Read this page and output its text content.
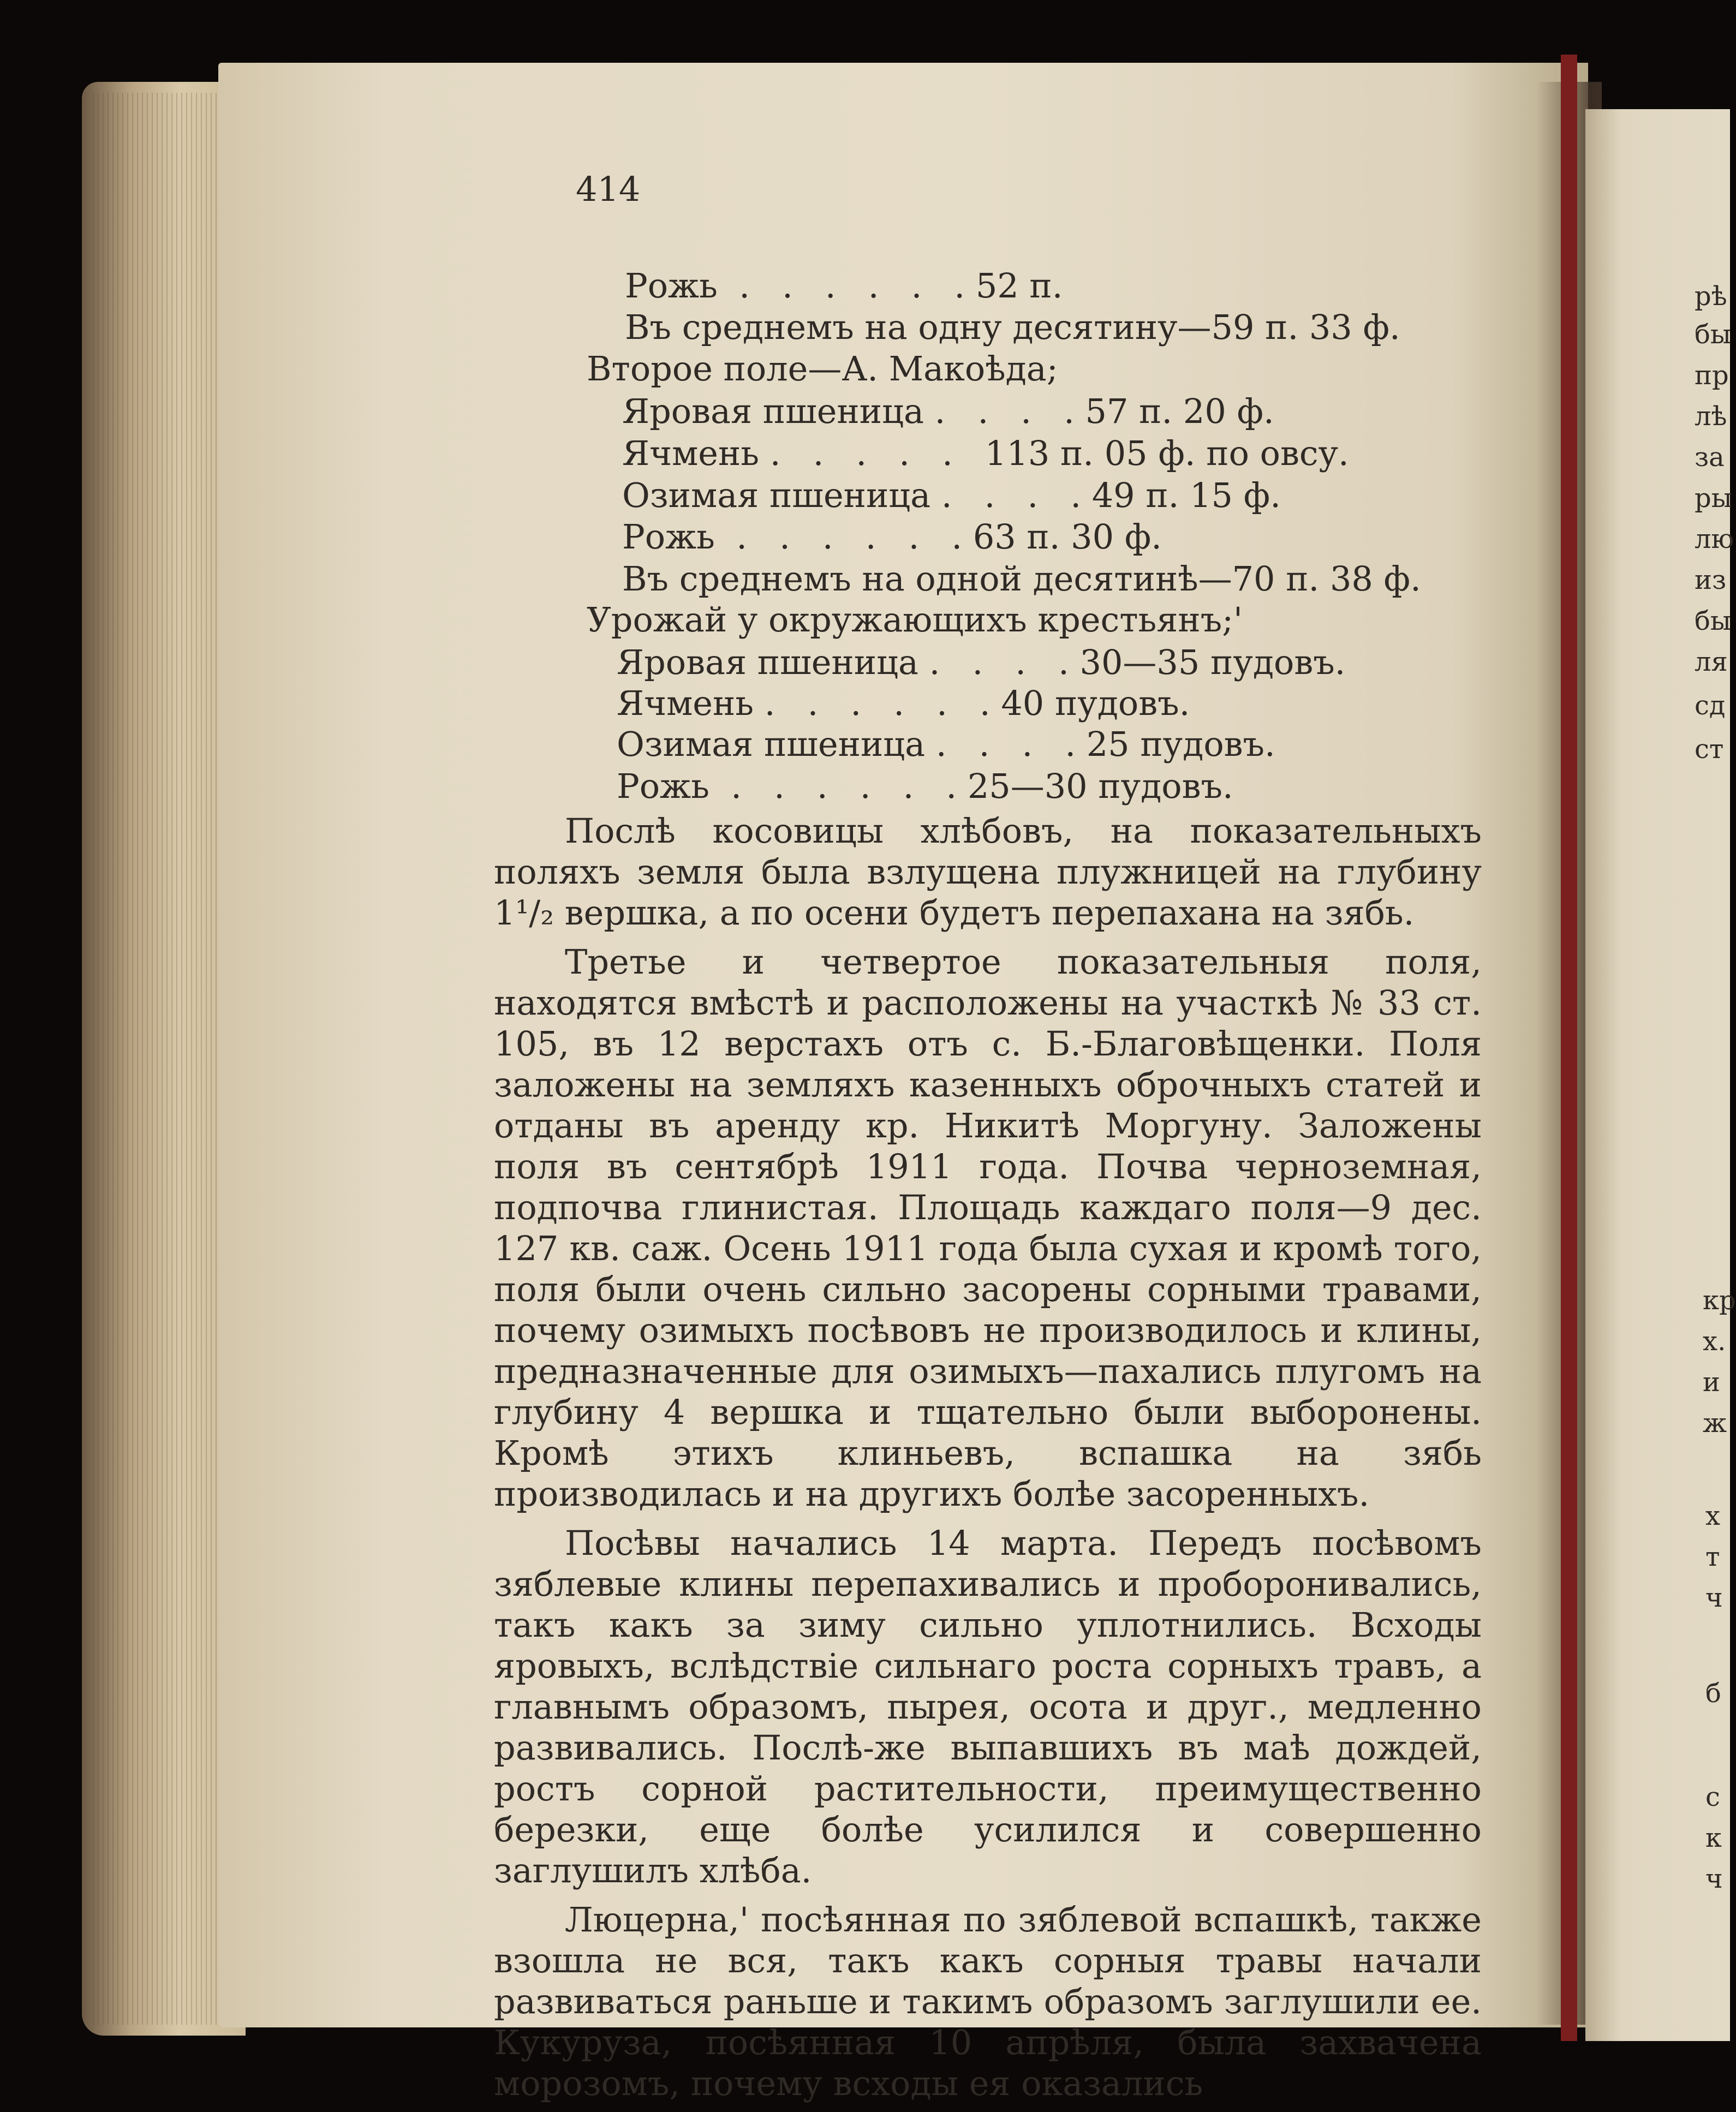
414
Рожь  .   .   .   .   .   . 52 п.
Въ среднемъ на одну десятину—59 п. 33 ф.
Второе поле—А. Макоѣда;
Яровая пшеница .   .   .   . 57 п. 20 ф.
Ячмень .   .   .   .   .   113 п. 05 ф. по овсу.
Озимая пшеница .   .   .   . 49 п. 15 ф.
Рожь  .   .   .   .   .   . 63 п. 30 ф.
Въ среднемъ на одной десятинѣ—70 п. 38 ф.
Урожай у окружающихъ крестьянъ;'
Яровая пшеница .   .   .   . 30—35 пудовъ.
Ячмень .   .   .   .   .   . 40 пудовъ.
Озимая пшеница .   .   .   . 25 пудовъ.
Рожь  .   .   .   .   .   . 25—30 пудовъ.

Послѣ косовицы хлѣбовъ, на показательныхъ поляхъ земля была взлущена плужницей на глубину 1¹/₂ вершка, а по осени будетъ перепахана на зябь.

Третье и четвертое показательныя поля, находятся вмѣстѣ и расположены на участкѣ № 33 ст. 105, въ 12 верстахъ отъ с. Б.-Благовѣщенки. Поля заложены на земляхъ казенныхъ оброчныхъ статей и отданы въ аренду кр. Никитѣ Моргуну. Заложены поля въ сентябрѣ 1911 года. Почва черноземная, подпочва глинистая. Площадь каждаго поля—9 дес. 127 кв. саж. Осень 1911 года была сухая и кромѣ того, поля были очень сильно засорены сорными травами, почему озимыхъ посѣвовъ не производилось и клины, предназначенные для озимыхъ—пахались плугомъ на глубину 4 вершка и тщательно были выборонены. Кромѣ этихъ клиньевъ, вспашка на зябь производилась и на другихъ болѣе засоренныхъ.

Посѣвы начались 14 марта. Передъ посѣвомъ зяблевые клины перепахивались и проборонивались, такъ какъ за зиму сильно уплотнились. Всходы яровыхъ, вслѣдствіе сильнаго роста сорныхъ травъ, а главнымъ образомъ, пырея, осота и друг., медленно развивались. Послѣ-же выпавшихъ въ маѣ дождей, ростъ сорной растительности, преимущественно березки, еще болѣе усилился и совершенно заглушилъ хлѣба.

Люцерна,' посѣянная по зяблевой вспашкѣ, также взошла не вся, такъ какъ сорныя травы начали развиваться раньше и такимъ образомъ заглушили ее. Кукуруза, посѣянная 10 апрѣля, была захвачена морозомъ, почему всходы ея оказались

рѣ
бы
пр
лѣ
за
ры
лю
из
бы
ля
сд
ст
кр
х.
и
ж
х
т
ч
б
с
к
ч
